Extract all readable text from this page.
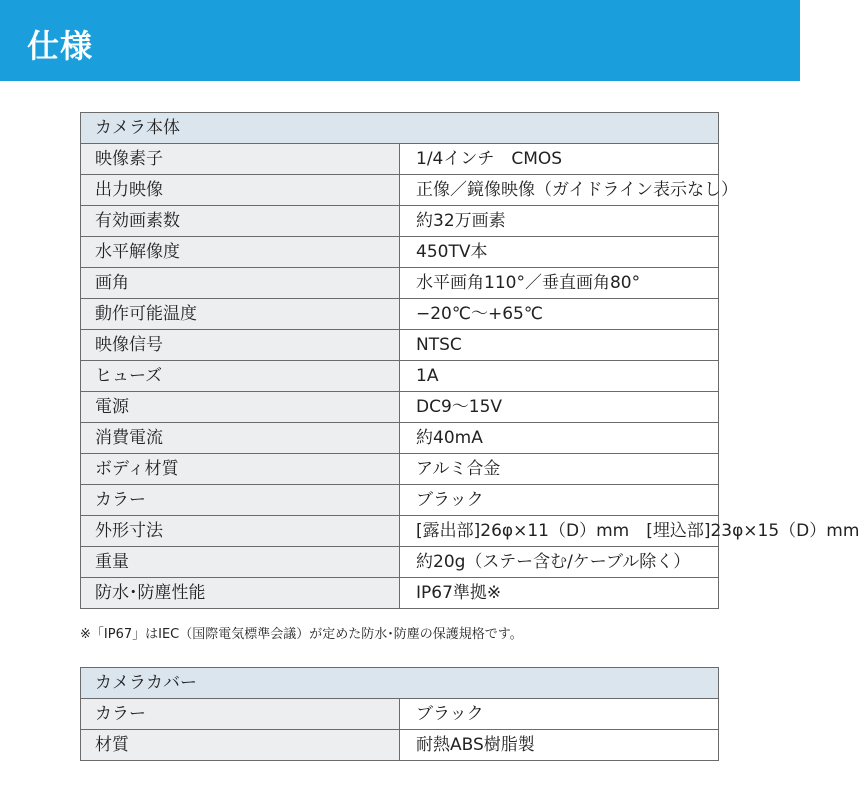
仕様
カメラ本体	
映像素子	1/4インチ　CMOS
出力映像	正像／鏡像映像（ガイドライン表示なし）
有効画素数	約32万画素
水平解像度	450TV本
画角	水平画角110°／垂直画角80°
動作可能温度	−20℃〜+65℃
映像信号	NTSC
ヒューズ	1A
電源	DC9〜15V
消費電流	約40mA
ボディ材質	アルミ合金
カラー	ブラック
外形寸法	[露出部]26φ×11（D）mm　[埋込部]23φ×15（D）mm
重量	約20g（ステー含む/ケーブル除く）
防水･防塵性能	IP67準拠※
※「IP67」はIEC（国際電気標準会議）が定めた防水･防塵の保護規格です。
カメラカバー	
カラー	ブラック
材質	耐熱ABS樹脂製
